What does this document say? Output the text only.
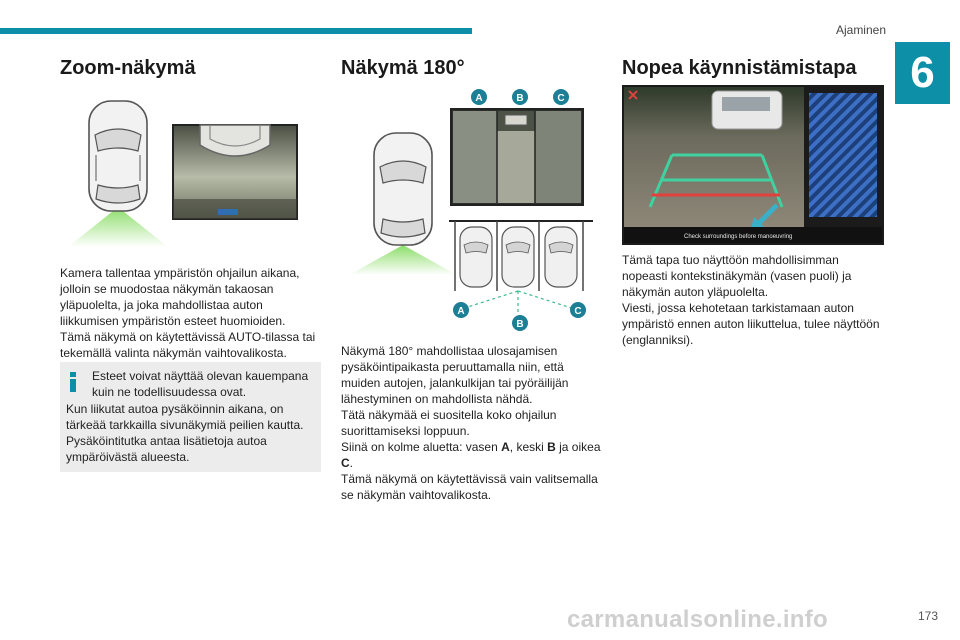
Ajaminen
6
Zoom-näkymä

Kamera tallentaa ympäristön ohjailun aikana,

jolloin se muodostaa näkymän takaosan

yläpuolelta, ja joka mahdollistaa auton

liikkumisen ympäristön esteet huomioiden.

Tämä näkymä on käytettävissä AUTO-tilassa tai

tekemällä valinta näkymän vaihtovalikosta.

Esteet voivat näyttää olevan kauempana
kuin ne todellisuudessa ovat.
Kun liikutat autoa pysäköinnin aikana, on
tärkeää tarkkailla sivunäkymiä peilien kautta.
Pysäköintitutka antaa lisätietoja autoa
ympäröivästä alueesta.
Näkymä 180°
A	B	C
A	C
B

Näkymä 180° mahdollistaa ulosajamisen

pysäköintipaikasta peruuttamalla niin, että

muiden autojen, jalankulkijan tai pyöräilijän

lähestyminen on mahdollista nähdä.

Tätä näkymää ei suositella koko ohjailun

suorittamiseksi loppuun.

Siinä on kolme aluetta: vasen A, keski B ja oikea

C.

Tämä näkymä on käytettävissä vain valitsemalla

se näkymän vaihtovalikosta.

Nopea käynnistämistapa
Check surroundings before manoeuvring

Tämä tapa tuo näyttöön mahdollisimman

nopeasti kontekstinäkymän (vasen puoli) ja

näkymän auton yläpuolelta.

Viesti, jossa kehotetaan tarkistamaan auton

ympäristö ennen auton liikuttelua, tulee näyttöön

(englanniksi).

carmanualsonline.info	173
